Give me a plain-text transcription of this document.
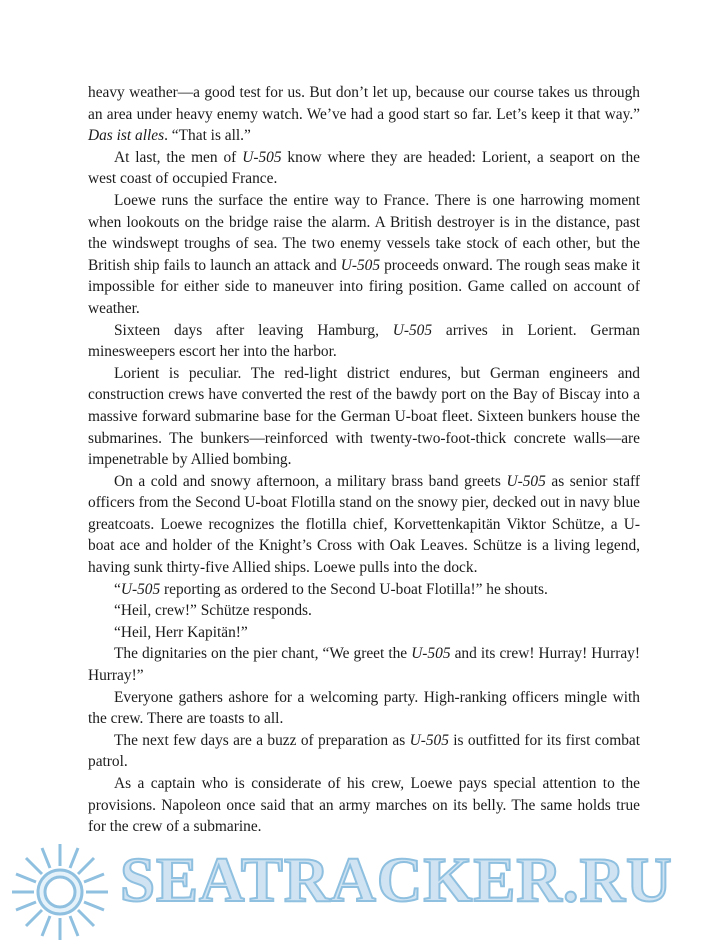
heavy weather—a good test for us. But don’t let up, because our course takes us through an area under heavy enemy watch. We’ve had a good start so far. Let’s keep it that way.” Das ist alles. “That is all.”

At last, the men of U-505 know where they are headed: Lorient, a seaport on the west coast of occupied France.

Loewe runs the surface the entire way to France. There is one harrowing moment when lookouts on the bridge raise the alarm. A British destroyer is in the distance, past the windswept troughs of sea. The two enemy vessels take stock of each other, but the British ship fails to launch an attack and U-505 proceeds onward. The rough seas make it impossible for either side to maneuver into firing position. Game called on account of weather.

Sixteen days after leaving Hamburg, U-505 arrives in Lorient. German minesweepers escort her into the harbor.

Lorient is peculiar. The red-light district endures, but German engineers and construction crews have converted the rest of the bawdy port on the Bay of Biscay into a massive forward submarine base for the German U-boat fleet. Sixteen bunkers house the submarines. The bunkers—reinforced with twenty-two-foot-thick concrete walls—are impenetrable by Allied bombing.

On a cold and snowy afternoon, a military brass band greets U-505 as senior staff officers from the Second U-boat Flotilla stand on the snowy pier, decked out in navy blue greatcoats. Loewe recognizes the flotilla chief, Korvettenkapitän Viktor Schütze, a U-boat ace and holder of the Knight’s Cross with Oak Leaves. Schütze is a living legend, having sunk thirty-five Allied ships. Loewe pulls into the dock.

“U-505 reporting as ordered to the Second U-boat Flotilla!” he shouts.

“Heil, crew!” Schütze responds.

“Heil, Herr Kapitän!”

The dignitaries on the pier chant, “We greet the U-505 and its crew! Hurray! Hurray! Hurray!”

Everyone gathers ashore for a welcoming party. High-ranking officers mingle with the crew. There are toasts to all.

The next few days are a buzz of preparation as U-505 is outfitted for its first combat patrol.

As a captain who is considerate of his crew, Loewe pays special attention to the provisions. Napoleon once said that an army marches on its belly. The same holds true for the crew of a submarine.

SEATRACKER.RU
